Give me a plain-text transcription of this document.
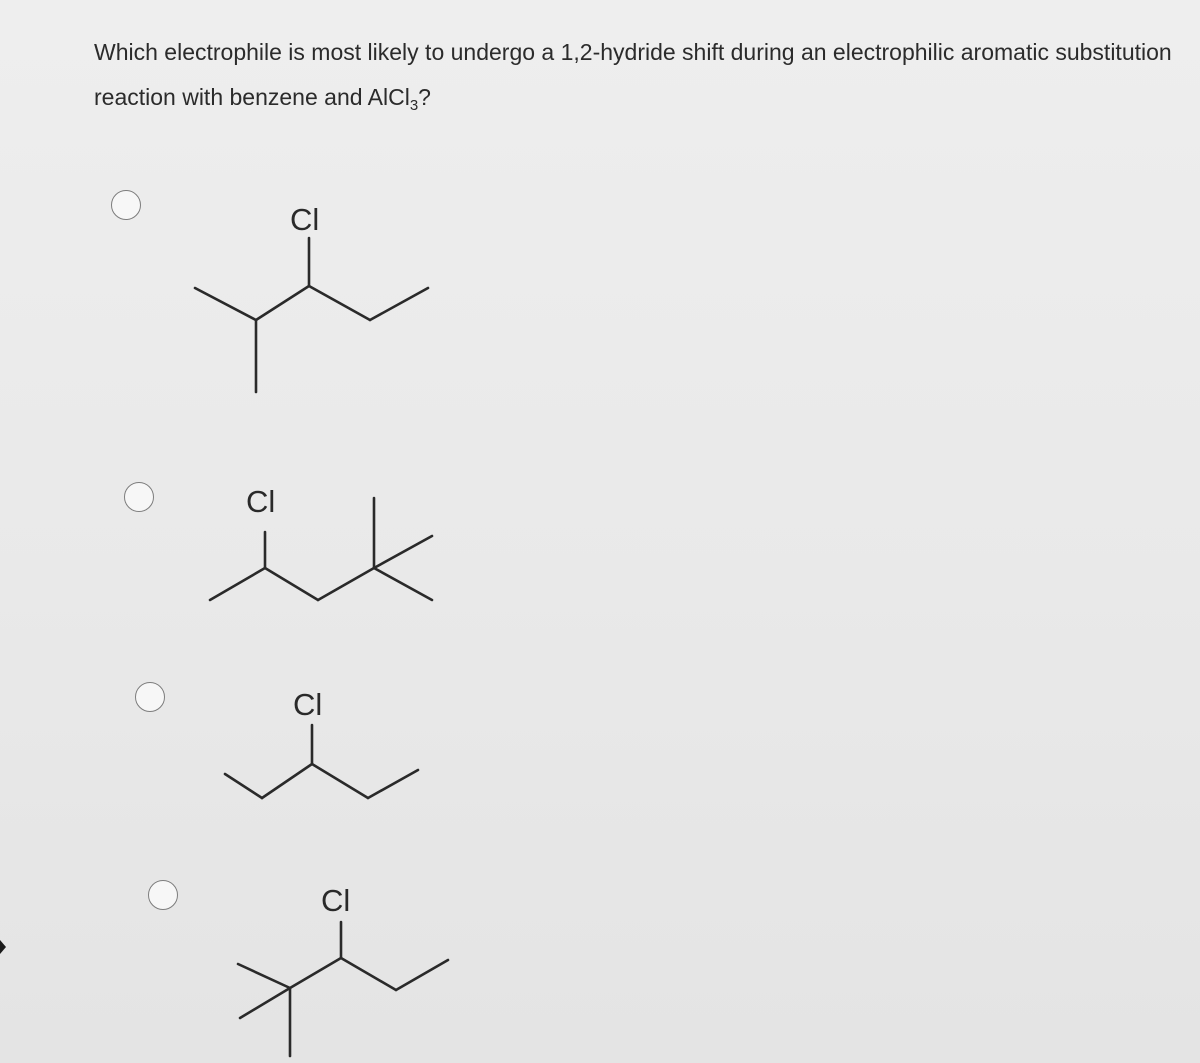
Which electrophile is most likely to undergo a 1,2-hydride shift during an electrophilic aromatic substitution reaction with benzene and AlCl$_3$?

Cl
Cl
Cl
Cl
